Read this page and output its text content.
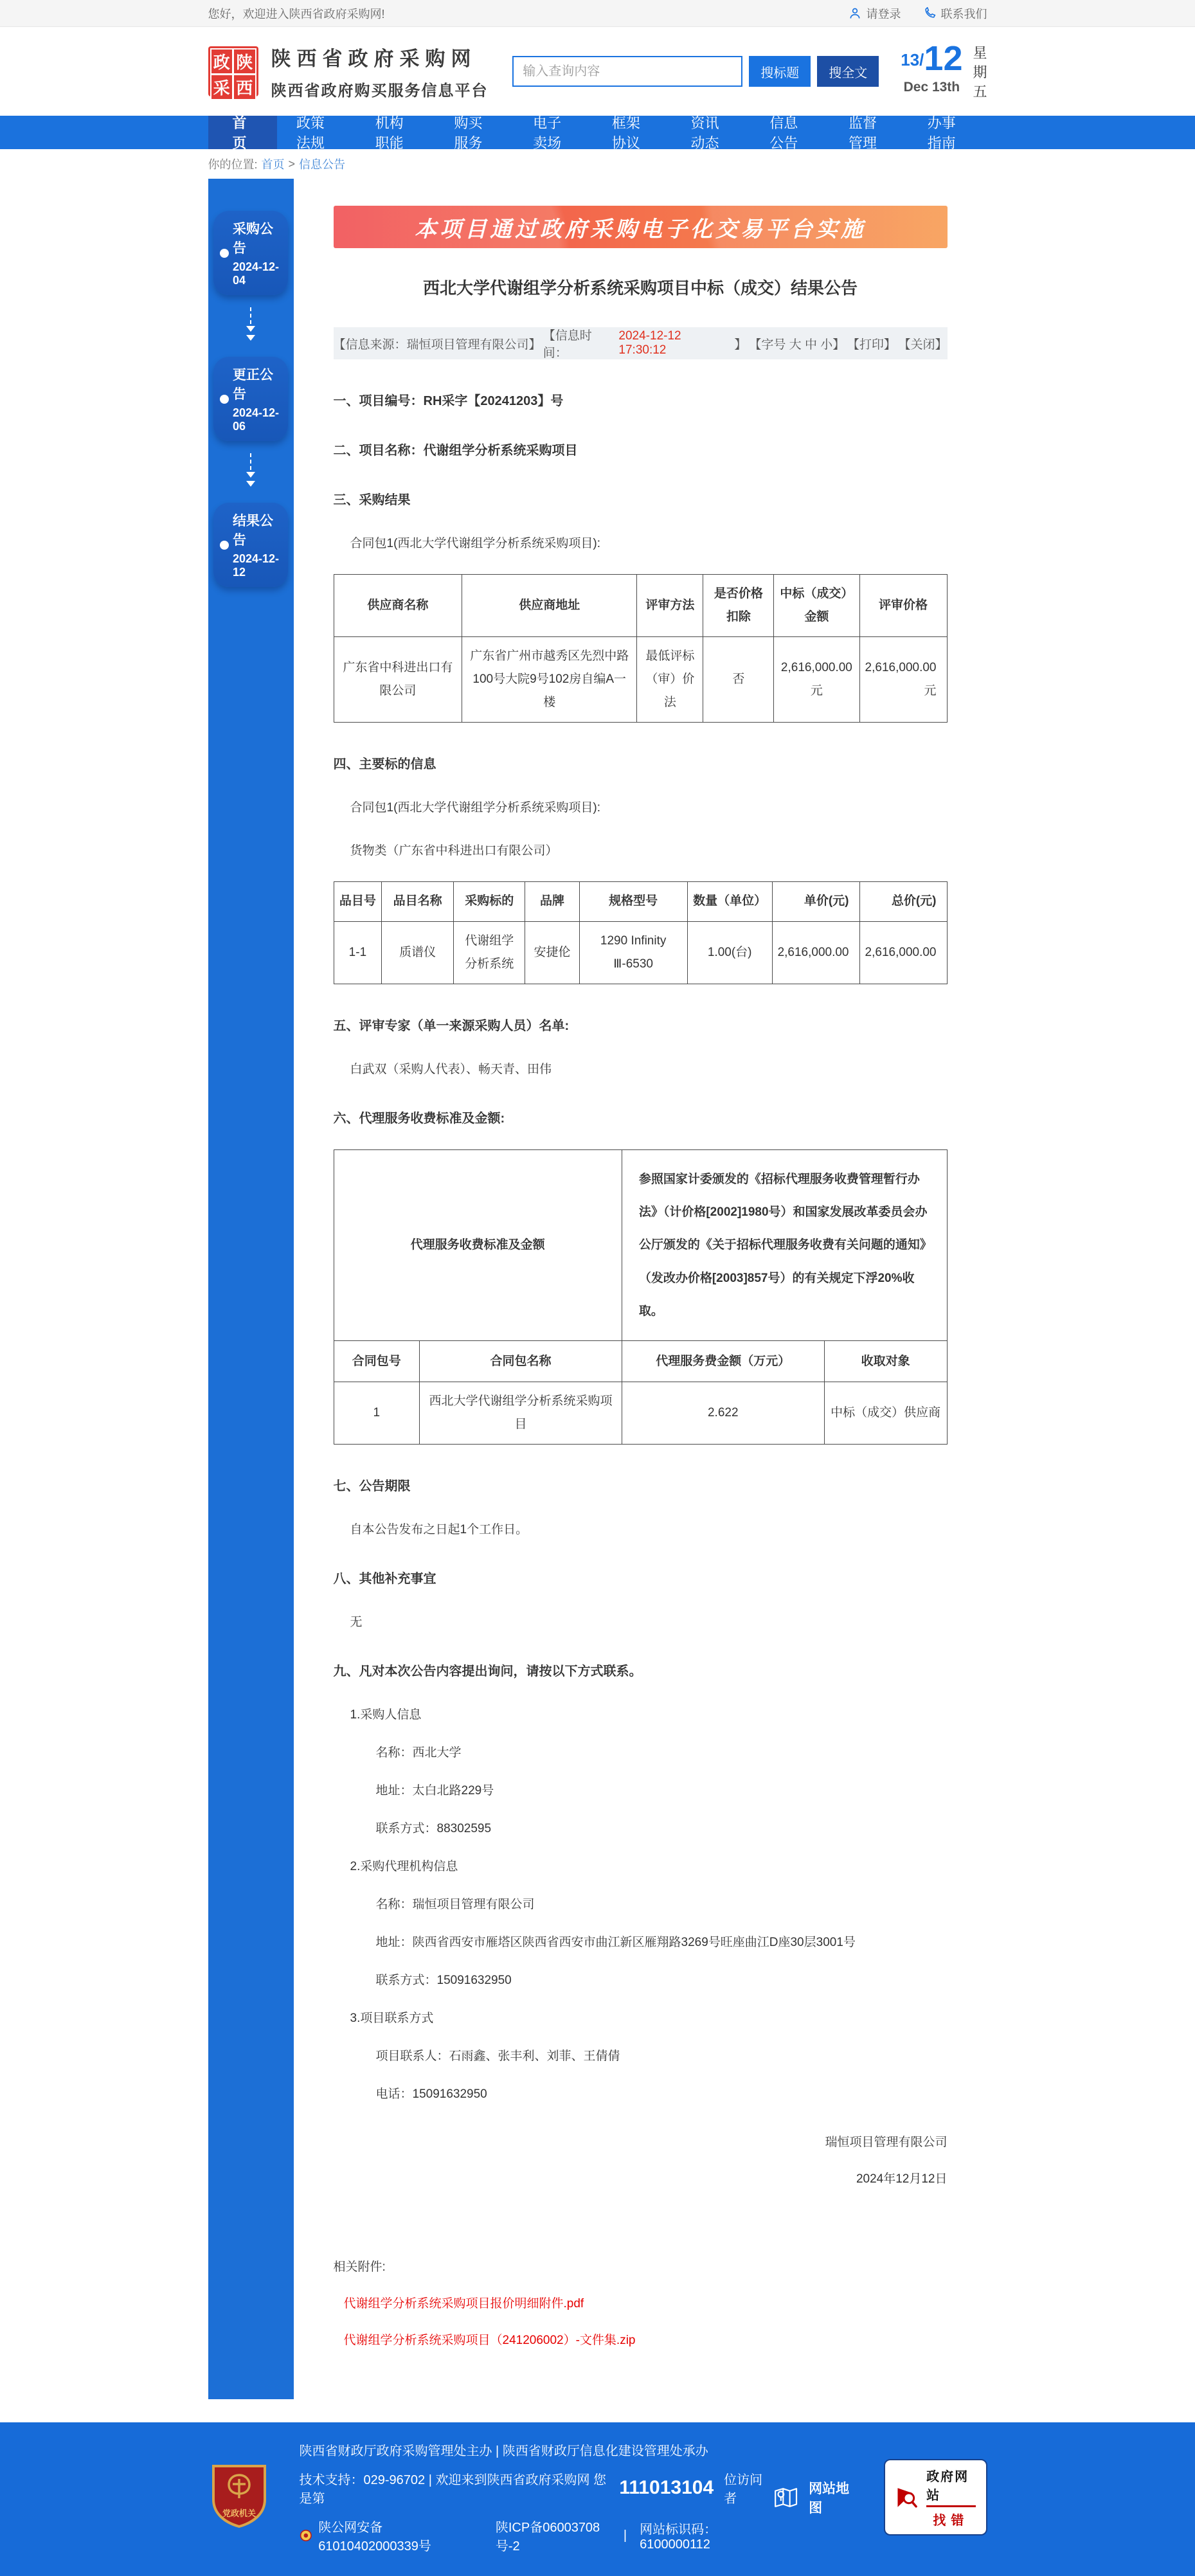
您好，欢迎进入陕西省政府采购网!	请登录	联系我们
政 陕
采 西
陕西省政府采购网
陕西省政府购买服务信息平台
输入查询内容
搜标题	搜全文
13/ 12
Dec 13th
星
期
五
首页
政策法规
机构职能
购买服务
电子卖场
框架协议
资讯动态
信息公告
监督管理
办事指南
你的位置: 首页 > 信息公告
采购公告
2024-12-04
更正公告
2024-12-06
结果公告
2024-12-12
本项目通过政府采购电子化交易平台实施
西北大学代谢组学分析系统采购项目中标（成交）结果公告
【信息来源：瑞恒项目管理有限公司】
【信息时间：
2024-12-12 17:30:12	】 【字号 大 中 小】 【打印】 【关闭】
一、项目编号：RH采字【20241203】号
二、项目名称：代谢组学分析系统采购项目
三、采购结果
合同包1(西北大学代谢组学分析系统采购项目):
供应商名称	供应商地址	评审方法	是否价格扣除	中标（成交）金额	评审价格
广东省中科进出口有限公司	广东省广州市越秀区先烈中路100号大院9号102房自编A一楼	最低评标（审）价法	否	2,616,000.00元	2,616,000.00元
四、主要标的信息
合同包1(西北大学代谢组学分析系统采购项目):
货物类（广东省中科进出口有限公司）
品目号	品目名称	采购标的	品牌	规格型号	数量（单位）	单价(元)	总价(元)
1-1	质谱仪	代谢组学分析系统	安捷伦	1290 Infinity Ⅲ-6530	1.00(台)	2,616,000.00	2,616,000.00
五、评审专家（单一来源采购人员）名单:
白武双（采购人代表）、畅天青、田伟
六、代理服务收费标准及金额:
代理服务收费标准及金额		参照国家计委颁发的《招标代理服务收费管理暂行办法》（计价格[2002]1980号）和国家发展改革委员会办公厅颁发的《关于招标代理服务收费有关问题的通知》（发改办价格[2003]857号）的有关规定下浮20%收取。	
合同包号	合同包名称	代理服务费金额（万元）	收取对象
1	西北大学代谢组学分析系统采购项目	2.622	中标（成交）供应商
七、公告期限
自本公告发布之日起1个工作日。
八、其他补充事宜
无
九、凡对本次公告内容提出询问，请按以下方式联系。
1.采购人信息
名称：西北大学
地址：太白北路229号
联系方式：88302595
2.采购代理机构信息
名称：瑞恒项目管理有限公司
地址：陕西省西安市雁塔区陕西省西安市曲江新区雁翔路3269号旺座曲江D座30层3001号
联系方式：15091632950
3.项目联系方式
项目联系人：石雨鑫、张丰利、刘菲、王倩倩
电话：15091632950
瑞恒项目管理有限公司
2024年12月12日
相关附件:
代谢组学分析系统采购项目报价明细附件.pdf
代谢组学分析系统采购项目（241206002）-文件集.zip
党政机关
陕西省财政厅政府采购管理处主办 | 陕西省财政厅信息化建设管理处承办
技术支持：029-96702 | 欢迎来到陕西省政府采购网 您是第
111013104 位访问者
陕公网安备 61010402000339号
陕ICP备06003708号-2
| 网站标识码：6100000112
网站地图
政府网站
找错
